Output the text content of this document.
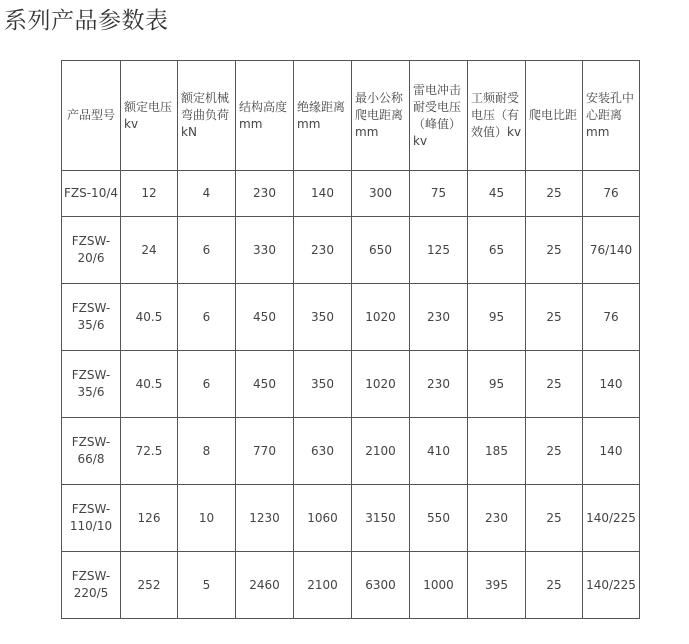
系列产品参数表
产品型号	额定电压kv	额定机械弯曲负荷kN	结构高度mm	绝缘距离mm	最小公称爬电距离mm	雷电冲击耐受电压（峰值）kv	工频耐受电压（有效值）kv	爬电比距	安装孔中心距离mm
FZS-10/4	12	4	230	140	300	75	45	25	76
FZSW-20/6	24	6	330	230	650	125	65	25	76/140
FZSW-35/6	40.5	6	450	350	1020	230	95	25	76
FZSW-35/6	40.5	6	450	350	1020	230	95	25	140
FZSW-66/8	72.5	8	770	630	2100	410	185	25	140
FZSW-110/10	126	10	1230	1060	3150	550	230	25	140/225
FZSW-220/5	252	5	2460	2100	6300	1000	395	25	140/225
